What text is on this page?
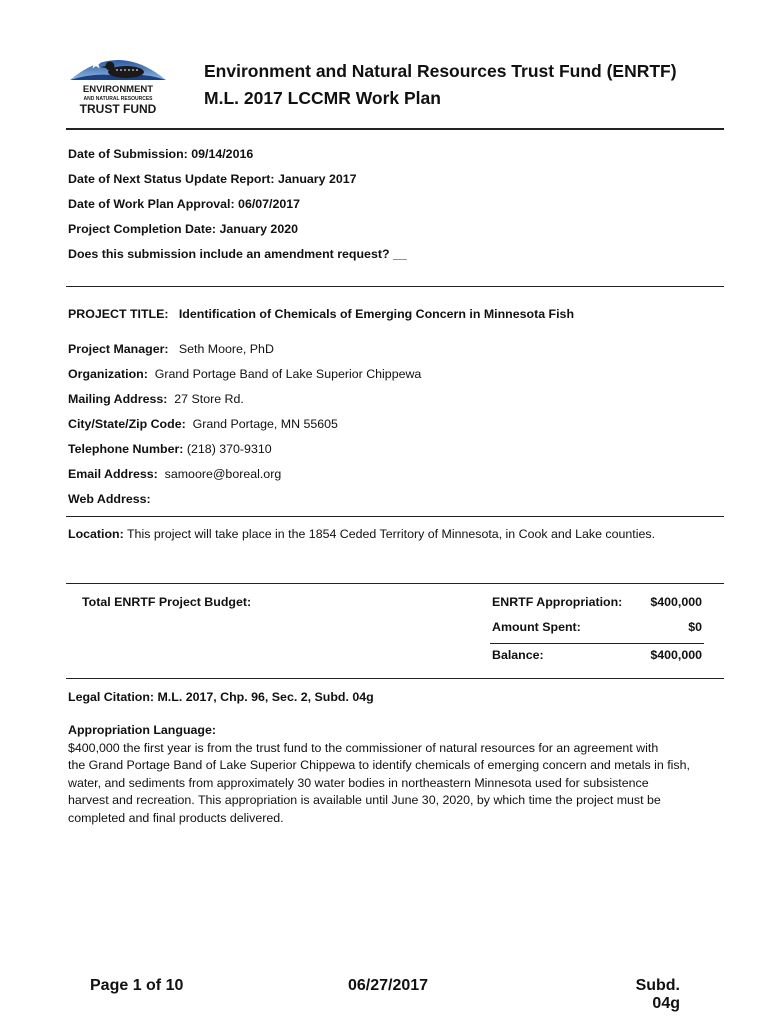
ENVIRONMENT
AND NATURAL RESOURCES
TRUST FUND
Environment and Natural Resources Trust Fund (ENRTF)
M.L. 2017 LCCMR Work Plan
Date of Submission: 09/14/2016
Date of Next Status Update Report: January 2017
Date of Work Plan Approval: 06/07/2017
Project Completion Date: January 2020
Does this submission include an amendment request? __
PROJECT TITLE: Identification of Chemicals of Emerging Concern in Minnesota Fish
Project Manager: Seth Moore, PhD
Organization: Grand Portage Band of Lake Superior Chippewa
Mailing Address: 27 Store Rd.
City/State/Zip Code: Grand Portage, MN 55605
Telephone Number: (218) 370-9310
Email Address: samoore@boreal.org
Web Address:
Location: This project will take place in the 1854 Ceded Territory of Minnesota, in Cook and Lake counties.
Total ENRTF Project Budget:	ENRTF Appropriation:	$400,000
Amount Spent:	$0
Balance:	$400,000
Legal Citation: M.L. 2017, Chp. 96, Sec. 2, Subd. 04g
Appropriation Language:
$400,000 the first year is from the trust fund to the commissioner of natural resources for an agreement with
the Grand Portage Band of Lake Superior Chippewa to identify chemicals of emerging concern and metals in fish,
water, and sediments from approximately 30 water bodies in northeastern Minnesota used for subsistence
harvest and recreation. This appropriation is available until June 30, 2020, by which time the project must be
completed and final products delivered.
Page 1 of 10	06/27/2017	Subd. 04g
